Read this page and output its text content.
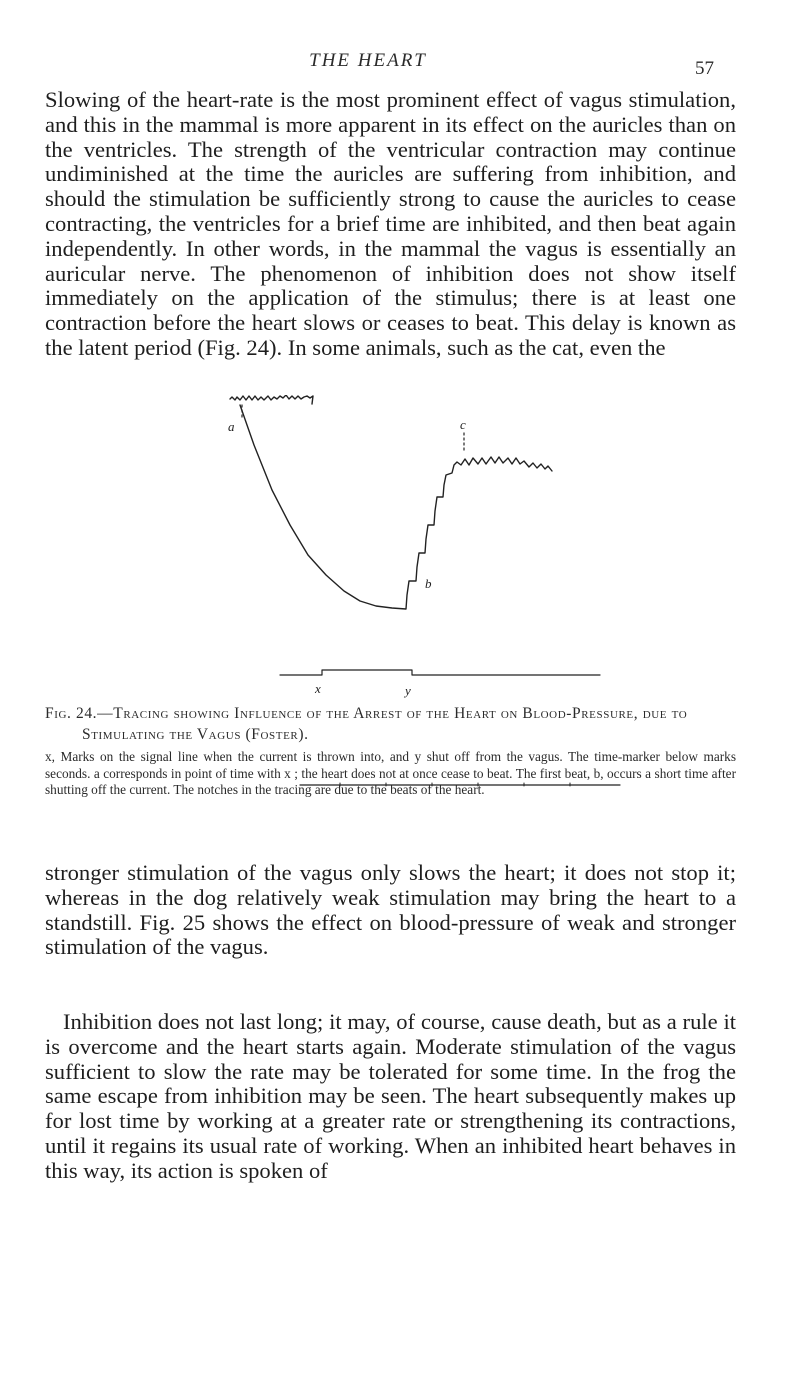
THE HEART	57

Slowing of the heart-rate is the most prominent effect of vagus stimulation, and this in the mammal is more apparent in its effect on the auricles than on the ventricles. The strength of the ventricular contraction may continue undiminished at the time the auricles are suffering from inhibition, and should the stimulation be sufficiently strong to cause the auricles to cease contracting, the ventricles for a brief time are inhibited, and then beat again independently. In other words, in the mammal the vagus is essentially an auricular nerve. The phenomenon of inhibition does not show itself immediately on the application of the stimulus; there is at least one contraction before the heart slows or ceases to beat. This delay is known as the latent period (Fig. 24). In some animals, such as the cat, even the

a
b
c
x	y

Fig. 24.—Tracing showing Influence of the Arrest of the Heart on Blood-Pressure, due to Stimulating the Vagus (Foster).

x, Marks on the signal line when the current is thrown into, and y shut off from the vagus. The time-marker below marks seconds. a corresponds in point of time with x ; the heart does not at once cease to beat. The first beat, b, occurs a short time after shutting off the current. The notches in the tracing are due to the beats of the heart.

stronger stimulation of the vagus only slows the heart; it does not stop it; whereas in the dog relatively weak stimulation may bring the heart to a standstill. Fig. 25 shows the effect on blood-pressure of weak and stronger stimulation of the vagus.

Inhibition does not last long; it may, of course, cause death, but as a rule it is overcome and the heart starts again. Moderate stimulation of the vagus sufficient to slow the rate may be tolerated for some time. In the frog the same escape from inhibition may be seen. The heart subsequently makes up for lost time by working at a greater rate or strengthening its contractions, until it regains its usual rate of working. When an inhibited heart behaves in this way, its action is spoken of
